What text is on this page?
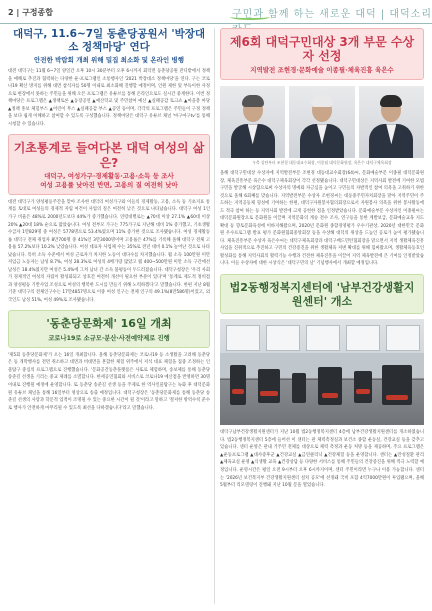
2 | 구정종합	구민과 함께 하는 새로운 대덕 | 대덕소리
대덕구, 11.6~7일 동춘당공원서 '박장대소 정책마당' 연다
안전한 박람회 개최 위해 밀집 최소화 및 온라인 병행
대전 대덕구는 11월 6~7일 양일간 오후 10시 30분부터 오후 6시까지 회덕면 동춘당공원 잔디밭에서 정책을 애해로 추진과 협력하는 다양한 운·프로그램인 소통행사인 '2021 박장대소 정책마당'을 연다. 구는 코로나19 확산 방지를 위해 대면 참석자를 50명 이내로 최소화해 진행할 예정이며, 인원 제한 및 부득이한 사정으로 현장에서 못하는 주민들을 위해 오픈 프로그램은 유튜브를 통해 온라인으로도 실시간 중계한다. 이번 정책마당은 프로그램은 ▲정책토론 ▲동장공연 ▲예산학교 및 주민참여 예산 ▲실패공감 토크쇼 ▲마을총 마당 ▲정책 홍보 체험부스 ▲어린이 무스 ▲실패공감 부스 ▲공연 등이며, 각각의 프로그램은 주민들이 구정 정책을 보다 쉽게 이해하고 참여할 수 있도록 구성했습니다. 정책마당은 대덕구 유튜브 채널 '마구마구tv'를 통해 시청할 수 있습니다.
기초통계로 들여다본 대덕 여성의 삶은?
대덕구, 여성가구·경제활동·고용·소득 등 조사
여성 고용률 낮아진 반면, 고용의 질 여전히 낮아
대전 대덕구가 양성평등주간을 맞아 조사한 대덕의 여성가구와 이들의 경제활동, 고용, 소득 등 기초지표 통계를 토대로 여성들의 경제적 자립 여건이 사업의 질은 여전히 낮은 것으로 나타났습니다. 대덕구 여성 1인 가구 비율은 48%로 2000년도보다 44%가 증가했습니다. 연령대별로는 ▲70대 이상 27.1% ▲60대 이상 20% ▲20대 18% 순으로 많았습니다. 여성 전부모 가구는 775가구로 지난해 대비 1% 증가했고, 기초생활 수급자 1만829명 중 여성은 5778명으로 53.4%였으며 11% 증가한 것으로 조사됐습니다. 여성 경제활동률 대덕구 전체 취업자 8만700명 중 41%인 3만3000명이며 고용률은 47%를 기록해 올해 대덕구 전체 고용률 57.2%보다 10.2% 낮았습니다. 여성 대표자 사업체 수는 35%로 전년 대비 0.1% 늘어난 것으로 나타났습니다. 특히 소득 수준에서 여성 근로자가 차지한 노동이 대다수를 차지했습니다. 월 소득 100만원 미만 저임금 노동자는 남성 8.7%, 여성 28.3%로 여성의 4배가량 많았고 월 400~500만원 미만 소득 구간에선 남성은 18.4%였지만 여성은 5.4%에 그쳐 남녀 간 소득 불평등이 두드러졌습니다. 대덕구청장은 '우리 사회가 경제적인 여성의 자립이 활성화되고 상호간 여전히 개선이 필요한 부분이 있다'며 '통계로 제도적 정비점과 양성평등 기반사업 조성으로 여성의 행복한 도시를 만들기 위해 노력하겠다'고 말했습니다. 한편 지난 8월 기준 대덕구의 전체인구수는 17만4857명으로 이중 여성 인구는 전체 인구의 49.1%(8만586명)이었고, 외국인도 남성 51%, 여성 49%로 조사됐습니다.
'동춘당문화제' 16일 개최
코로나19로 소규모·분산·사전예약제로 진행
'제5회 동춘당문화제'가 오는 16일 개최합니다. 올해 동춘당문화제는 코로나19 등 소생활을 고려해 동춘당은 등 개막행사를 전면 취소하고 대면과 비대면을 혼합한 체험 위주에서 저석 대표 체험을 집중 조정하는 인물탐구 중심의 프로그램으로 진행했습니다. '문화공간동춘플랫폼은 사또로 체험하며, 송보체를 통해 동춘당 송준길 선생을 기리는 중교 제례를 소멸합니다. 한세공연협회와 서비스로 코로나19 예산점을 반영하면 30명 이내로 진행될 예정에 운영합니다. 또 동춘당 송준길 선생 등을 주제로 한 역사인물탐구는 녹화 후 대덕문화원 유튜브 채널을 통해 16일부터 영상으로 송출 예정입니다. 대덕구청장은 '동춘당문화제를 통해 동춘당 송준길 선생의 사랑과 학문적 업적이 조명될 수 있는 중요한 시간이 될 것'이라고 말하고 '철저한 방역수칙 준수로 행사가 안전하게 마무리될 수 있도록 최선을 다하겠습니다'라고 말했습니다.
제6회 대덕구민대상 3개 부문 수상자 선정
지역발전 조현경·문화예술 이종필·체육진흥 육은수
우측 상단부터 조현경 대동대교수회장, 이종필 대덕문화원장, 육은수 대덕구체육회장
올해 대덕구민대상 수상자에 지역발전부문 조현경 대동대교수회장(64)씨, 문화예술부문 이종필 대덕문화원장, 체육진흥부문 육은수 대덕구체육회장이 각각 선정됐습니다. 대덕구민대상은 지역사회 발전에 기여한 모범 구민을 발굴해 시상함으로써 수상자의 명예와 자긍심을 높이고 구민들의 자발적인 참여 의욕을 고취하기 위한 것으로 올해 6회째를 맞습니다. 지역발전부문 수상자 조현경씨는 대동중주민자치회장을 맡아 지역주민이 주도하는 지역공동체 형성에 기여하는 한편, 대덕구자원봉사협의회장으로서 자원봉사 의욕을 위한 봉사활동에도 적극 참여 하는 등 지역사회 발전에 크게 공헌한 점을 인정받았습니다. 문화예술부문 수상자인 이종필씨는 대덕문화원장으로 문화원을 이끌며 지역문화의 계승 전수 조사, 연구등을 통한 계발보급, 문화예술교육 지도 확대 등 향토문화육성에 이바지해왔으며, 2020년 문화원 종합경영평가 우수기관상, 2020년 대한민국 문화원 우수프로그램 발표 평가 문화원협회중앙회장 등을 수상해 대덕의 위상을 드높인 공로가 높이 평가됐습니다. 체육진흥부문 수상자 육은수씨는 대덕구체육회장과 대덕구배드민턴협회장을 맡으면서 지역 생활체육진흥사업을 진취적으로 추진하고 구민의 건강증진을 위한 생활체육 저변 확대를 위해 힘써왔으며, 생활체육동호인 활성화를 통해 지역사회의 활력기능 수행과 건전한 체육진흥을 이끌어 지역 체육발전에 큰 기여를 인정받았습니다. 이들 수상자에 대한 시상식은 '대덕구민의 날' 기념행사에서 개최할 예정입니다.
법2동행정복지센터에 '남부건강생활지원센터' 개소
대덕구남부건강생활지원센터가 지난 10월 법2동행정복지센터 4층에 남부건강생활지원센터를 개소하였습니다. 법2동행정복지센터 5층에 들어선 이 센터는 관 체력측정실과 보건소 종합 운동실, 건강교실 등을 갖추고 있습니다. 센터 운영은 관내 거주민 전체를 대상으로 체력 측정과 운동 처방 등을 제공하며, 주요 프로그램은 ▲운동프로그램 ▲대사증후군 ▲건강교실 ▲금연클리닉 ▲건강체험 등을 운영합니다. 센터는 ▲만성질환 관리 ▲체육교실 운영 ▲식생활 교육 ▲건강상담 등 다양한 서비스를 통해 주민들의 건강증진을 위해 적극 노력할 예정입니다. 운영시간은 평일 오전 9시부터 오후 6시까지이며, 센터 주민이라면 누구나 이용 가능합니다. 센터는 '2026년 보건복지부 건강생활지원센터 설치 공모'에 선정돼 국비 포함 4억7000만원이 투입됐으며, 올해 5월부터 리모델링이 진행돼 지난 10월 문을 열었습니다.
